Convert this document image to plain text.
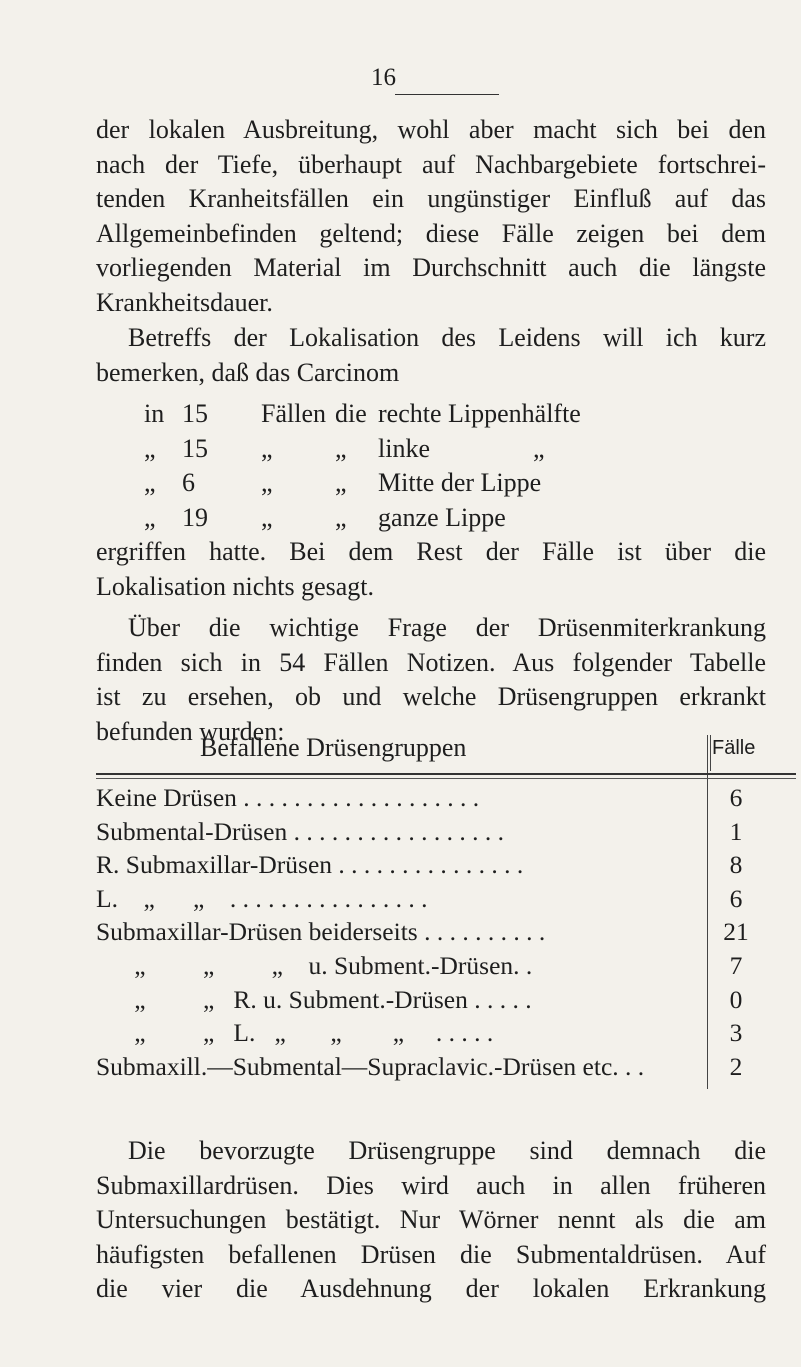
16
der lokalen Ausbreitung, wohl aber macht sich bei den
nach der Tiefe, überhaupt auf Nachbargebiete fortschrei-
tenden Kranheitsfällen ein ungünstiger Einfluß auf das
Allgemeinbefinden geltend; diese Fälle zeigen bei dem
vorliegenden Material im Durchschnitt auch die längste
Krankheitsdauer.
Betreffs der Lokalisation des Leidens will ich kurz
bemerken, daß das Carcinom
in 15 Fällen die rechte Lippenhälfte
„ 15 „ „ linke	„
„ 6	„ „ Mitte der Lippe
„ 19 „ „ ganze Lippe
ergriffen hatte. Bei dem Rest der Fälle ist über die
Lokalisation nichts gesagt.
Über die wichtige Frage der Drüsenmiterkrankung
finden sich in 54 Fällen Notizen. Aus folgender Tabelle
ist zu ersehen, ob und welche Drüsengruppen erkrankt
befunden wurden:
Befallene Drüsengruppen	Fälle
Keine Drüsen . . . . . . . . . . . . . . . . . . .	6
Submental-Drüsen . . . . . . . . . . . . . . . . .	1
R. Submaxillar-Drüsen . . . . . . . . . . . . . . .	8
L.    „      „    . . . . . . . . . . . . . . . .	6
Submaxillar-Drüsen beiderseits . . . . . . . . . .	21
„         „         „    u. Subment.-Drüsen. .	7
„         „   R. u. Subment.-Drüsen . . . . .	0
„         „   L.   „       „        „     . . . . .	3
Submaxill.—Submental—Supraclavic.-Drüsen etc. . .	2
Die bevorzugte Drüsengruppe sind demnach die
Submaxillardrüsen. Dies wird auch in allen früheren
Untersuchungen bestätigt. Nur Wörner nennt als die am
häufigsten befallenen Drüsen die Submentaldrüsen. Auf
die vier die Ausdehnung der lokalen Erkrankung
